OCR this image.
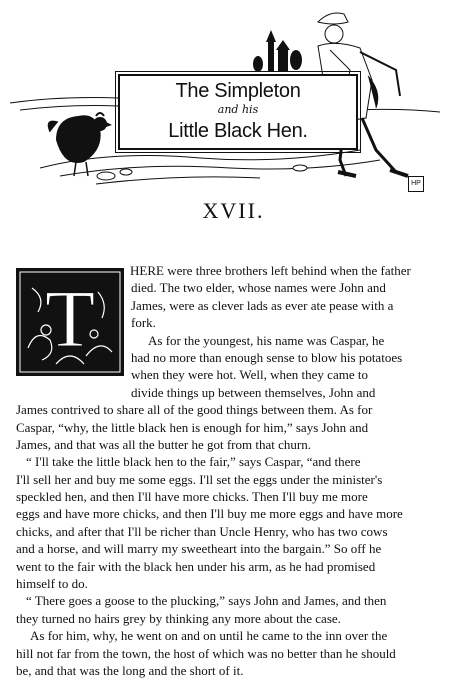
The Simpleton
and his
Little Black Hen.
HP
XVII.
T
HERE were three brothers left behind when the father
died. The two elder, whose names were John and
James, were as clever lads as ever ate pease with a
fork.
As for the youngest, his name was Caspar, he
had no more than enough sense to blow his potatoes
when they were hot. Well, when they came to
divide things up between themselves, John and
James contrived to share all of the good things between them. As for
Caspar, “why, the little black hen is enough for him,” says John and
James, and that was all the butter he got from that churn.
“ I'll take the little black hen to the fair,” says Caspar, “and there
I'll sell her and buy me some eggs. I'll set the eggs under the minister's
speckled hen, and then I'll have more chicks. Then I'll buy me more
eggs and have more chicks, and then I'll buy me more eggs and have more
chicks, and after that I'll be richer than Uncle Henry, who has two cows
and a horse, and will marry my sweetheart into the bargain.” So off he
went to the fair with the black hen under his arm, as he had promised
himself to do.
“ There goes a goose to the plucking,” says John and James, and then
they turned no hairs grey by thinking any more about the case.
As for him, why, he went on and on until he came to the inn over the
hill not far from the town, the host of which was no better than he should
be, and that was the long and the short of it.
